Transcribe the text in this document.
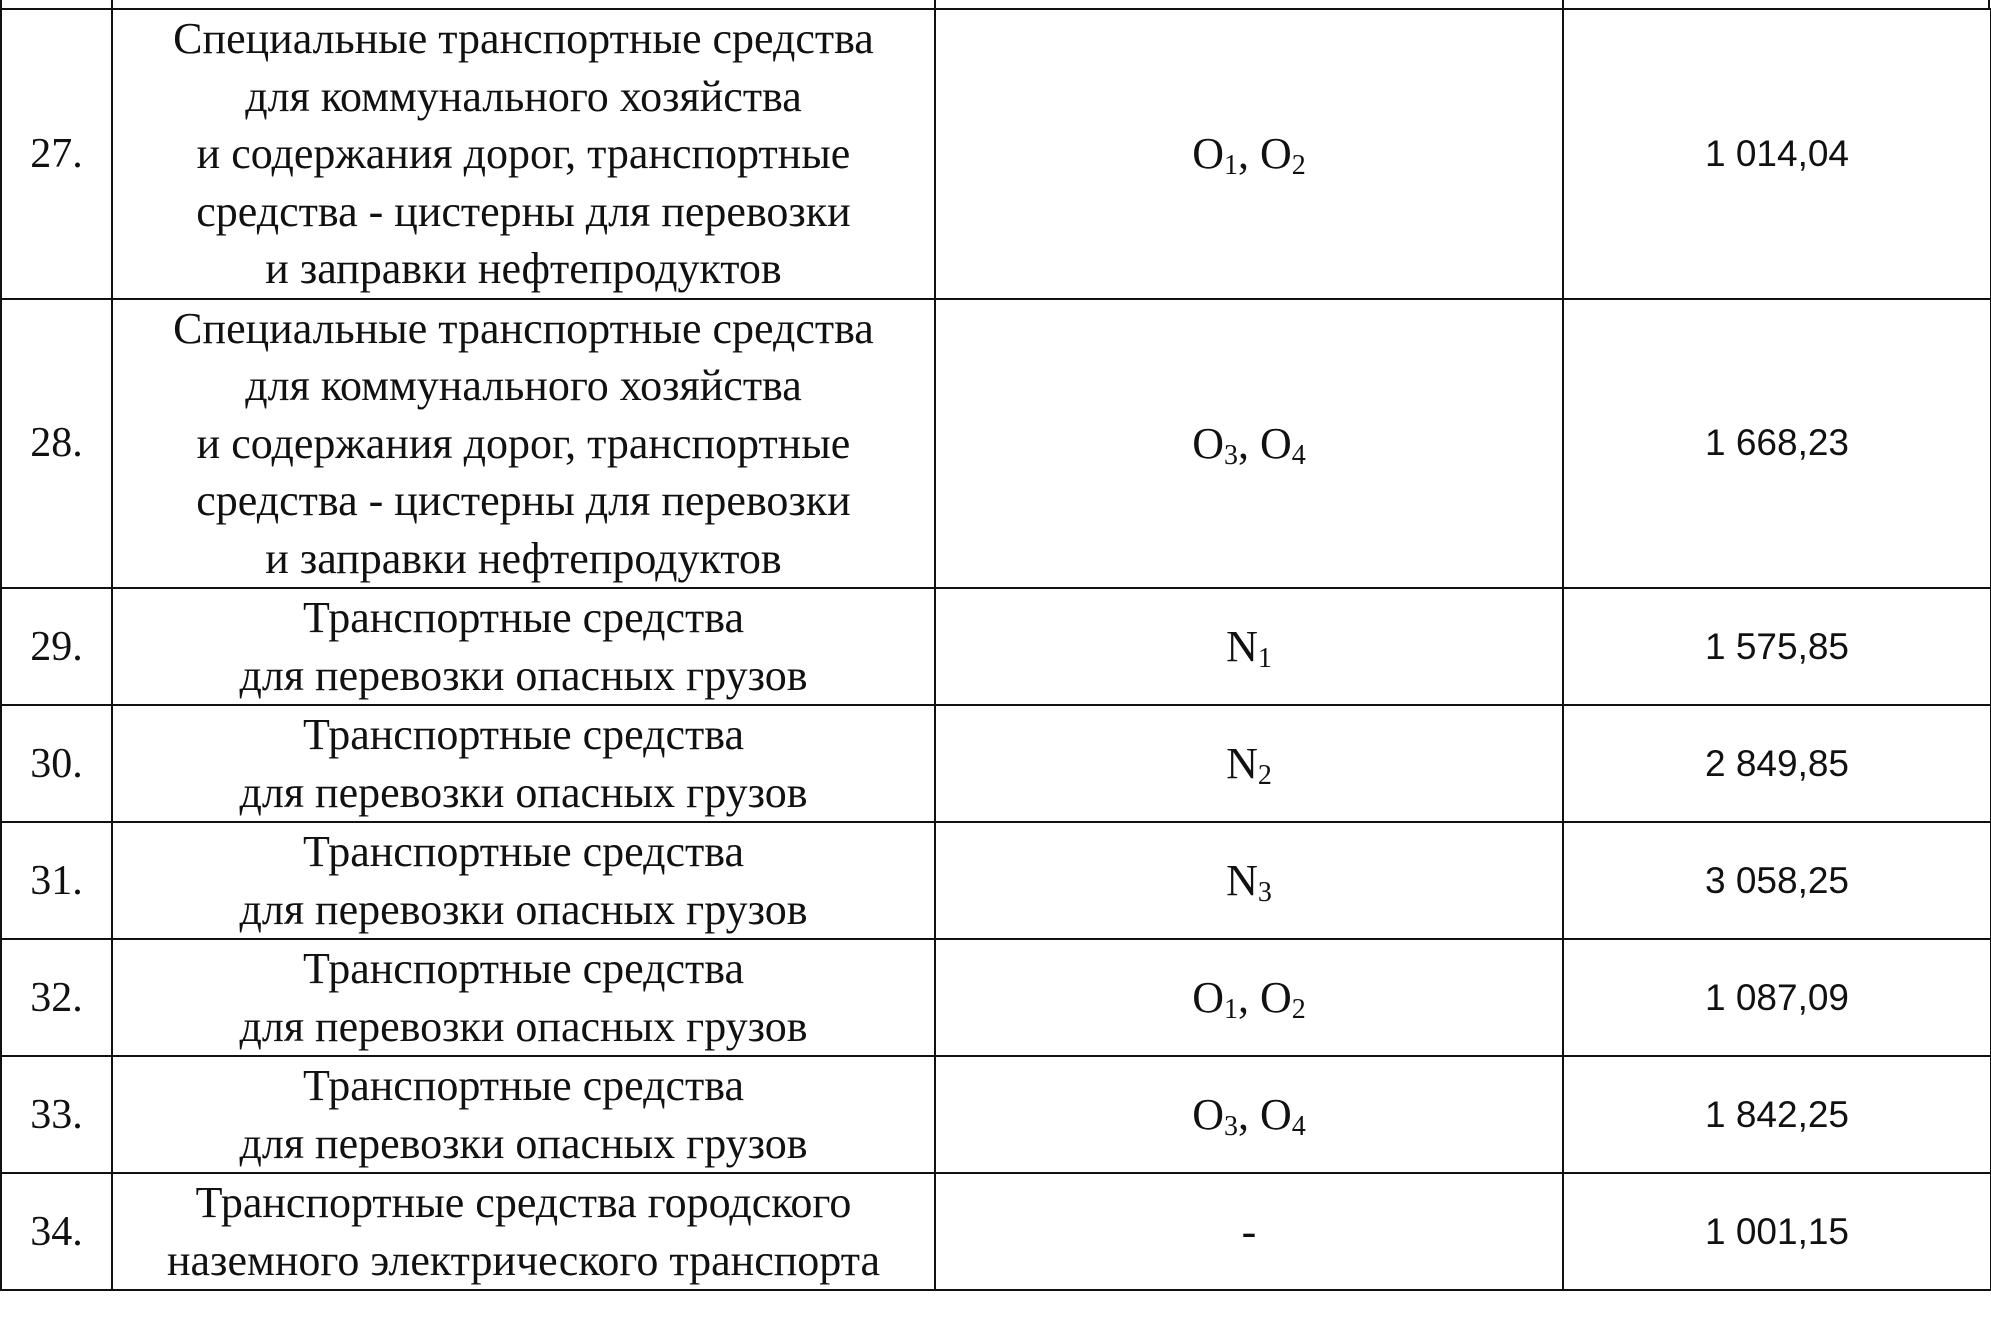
27.	Специальные транспортные средства
для коммунального хозяйства
и содержания дорог, транспортные
средства - цистерны для перевозки
и заправки нефтепродуктов	$O_1$, $O_2$	1 014,04
28.	Специальные транспортные средства
для коммунального хозяйства
и содержания дорог, транспортные
средства - цистерны для перевозки
и заправки нефтепродуктов	$O_3$, $O_4$	1 668,23
29.	Транспортные средства
для перевозки опасных грузов	$N_1$	1 575,85
30.	Транспортные средства
для перевозки опасных грузов	$N_2$	2 849,85
31.	Транспортные средства
для перевозки опасных грузов	$N_3$	3 058,25
32.	Транспортные средства
для перевозки опасных грузов	$O_1$, $O_2$	1 087,09
33.	Транспортные средства
для перевозки опасных грузов	$O_3$, $O_4$	1 842,25
34.	Транспортные средства городского
наземного электрического транспорта	-	1 001,15
